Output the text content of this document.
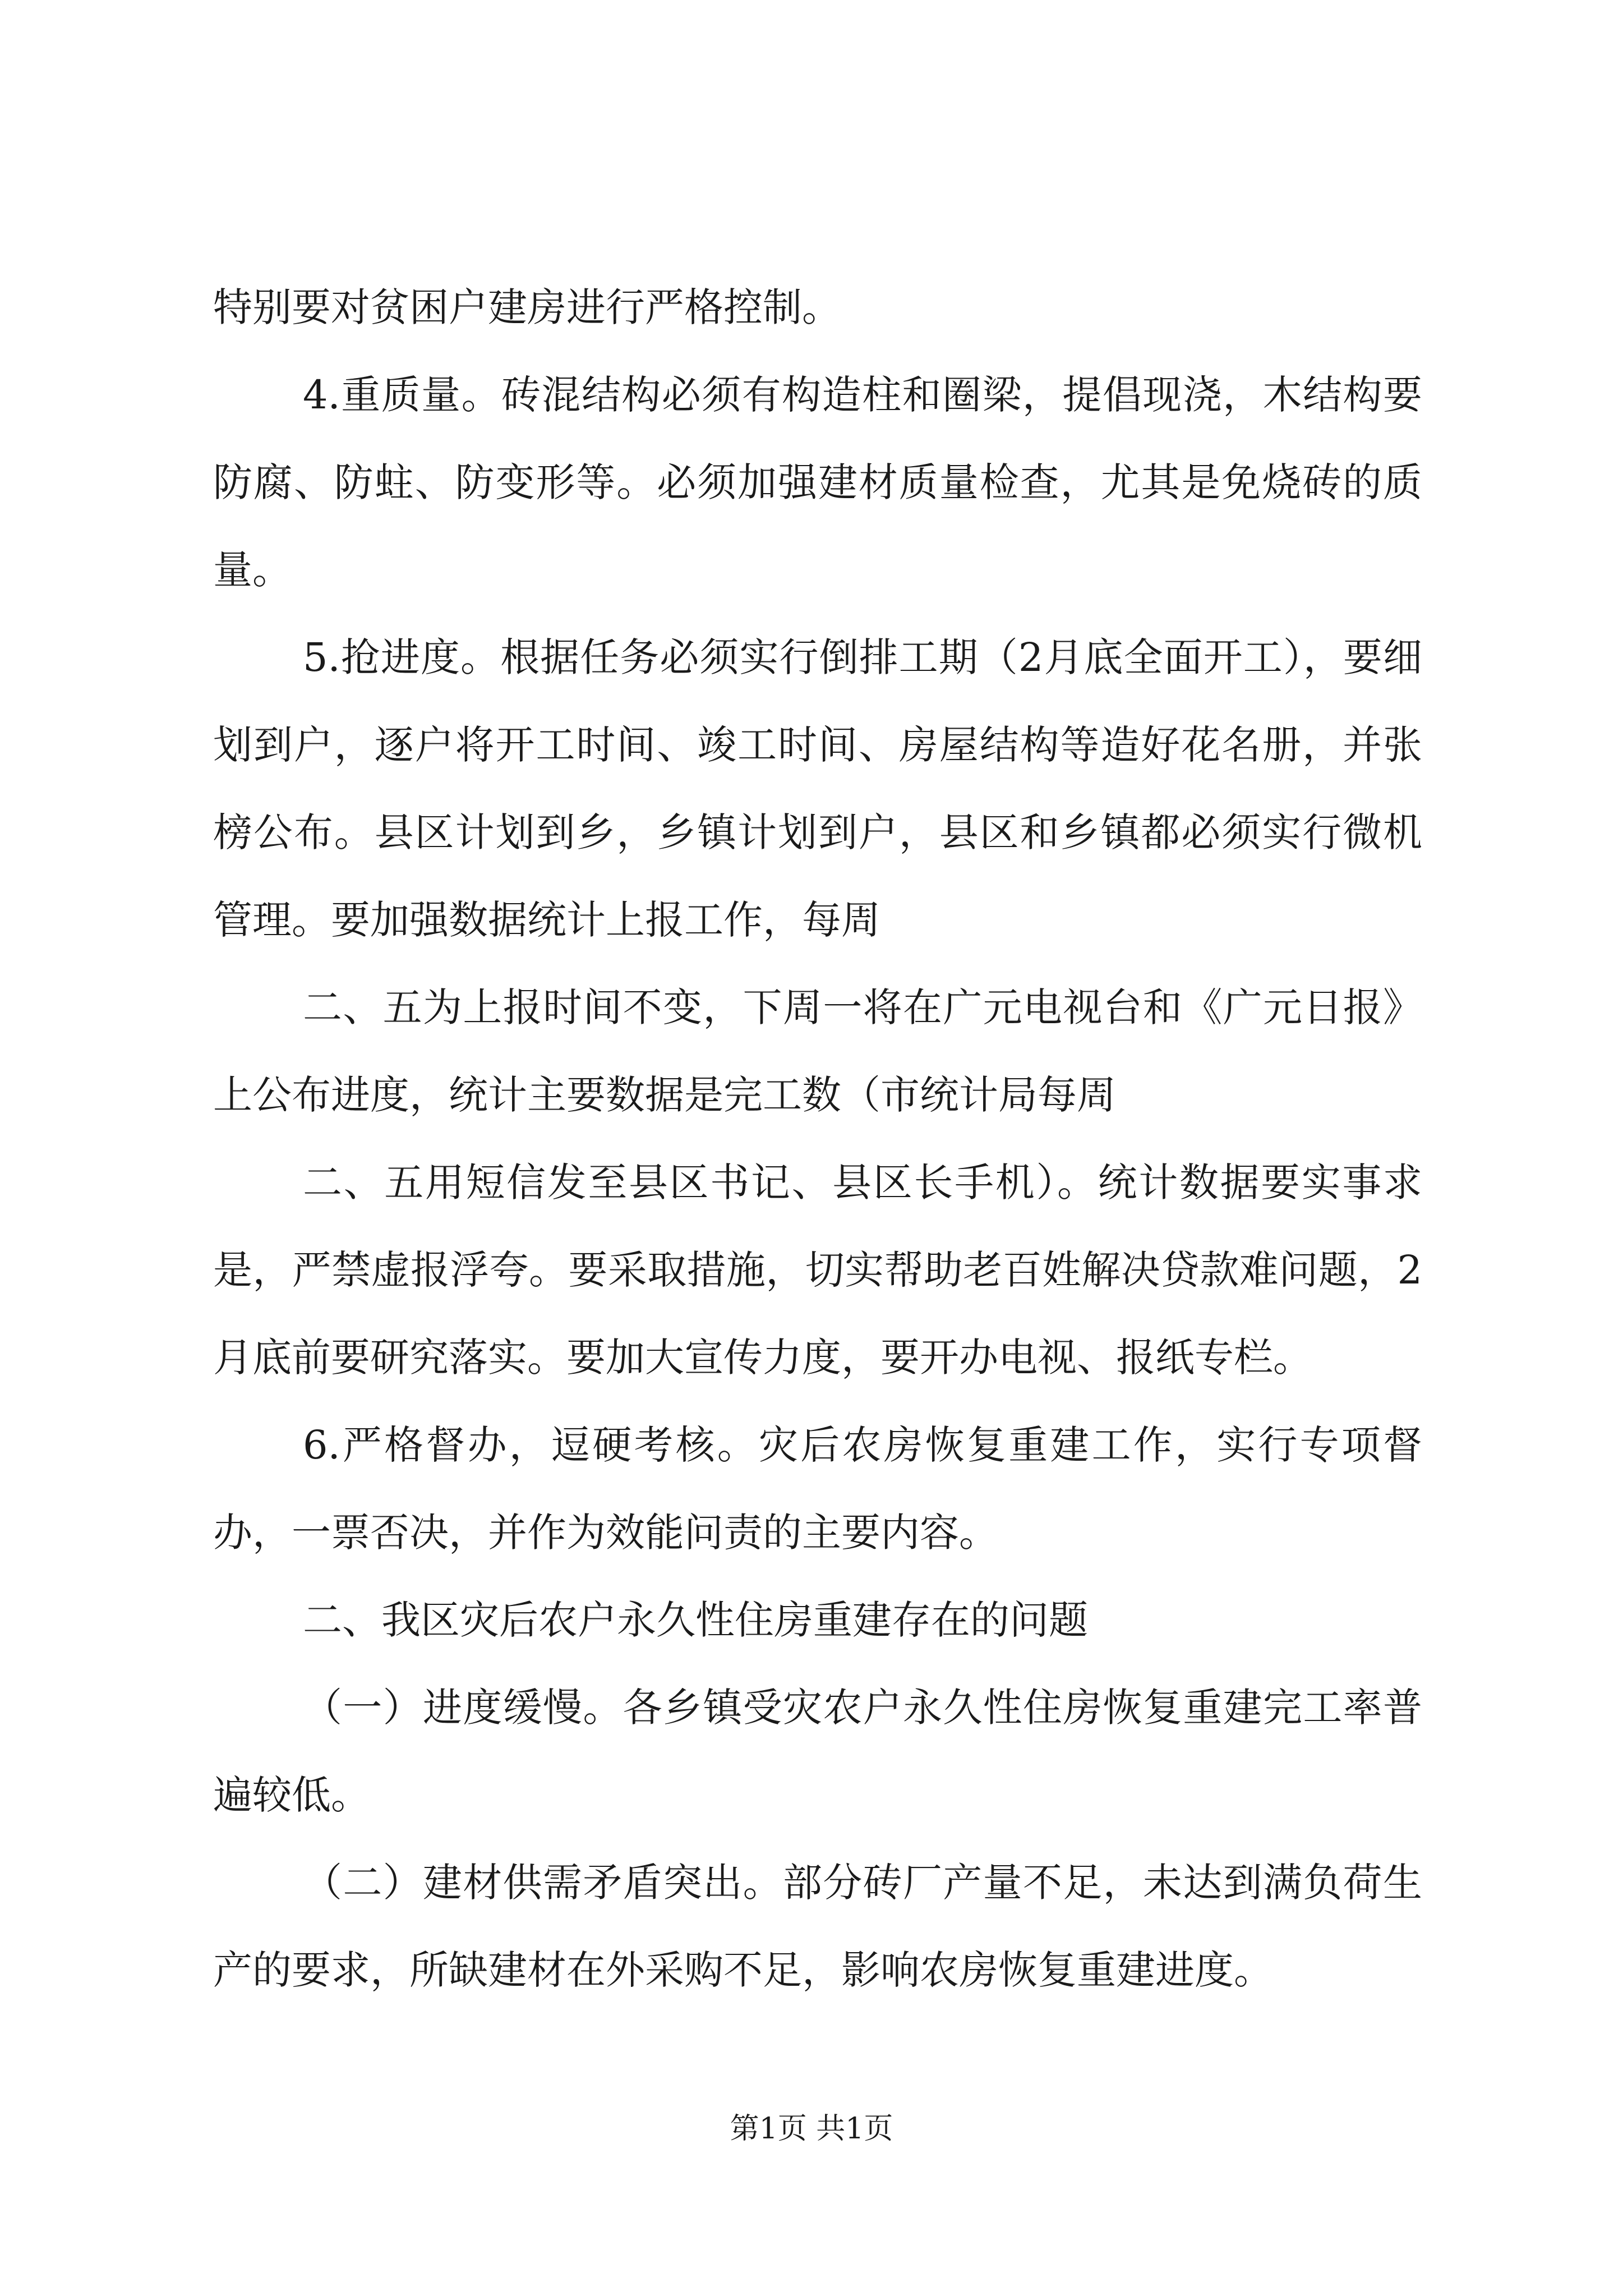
特别要对贫困户建房进行严格控制。

4.重质量。砖混结构必须有构造柱和圈梁，提倡现浇，木结构要防腐、防蛀、防变形等。必须加强建材质量检查，尤其是免烧砖的质量。

5.抢进度。根据任务必须实行倒排工期（2月底全面开工），要细划到户，逐户将开工时间、竣工时间、房屋结构等造好花名册，并张榜公布。县区计划到乡，乡镇计划到户，县区和乡镇都必须实行微机管理。要加强数据统计上报工作，每周

二、五为上报时间不变，下周一将在广元电视台和《广元日报》上公布进度，统计主要数据是完工数（市统计局每周

二、五用短信发至县区书记、县区长手机）。统计数据要实事求是，严禁虚报浮夸。要采取措施，切实帮助老百姓解决贷款难问题，2月底前要研究落实。要加大宣传力度，要开办电视、报纸专栏。

6.严格督办，逗硬考核。灾后农房恢复重建工作，实行专项督办，一票否决，并作为效能问责的主要内容。

二、我区灾后农户永久性住房重建存在的问题

（一）进度缓慢。各乡镇受灾农户永久性住房恢复重建完工率普遍较低。

（二）建材供需矛盾突出。部分砖厂产量不足，未达到满负荷生产的要求，所缺建材在外采购不足，影响农房恢复重建进度。

第1页 共1页
